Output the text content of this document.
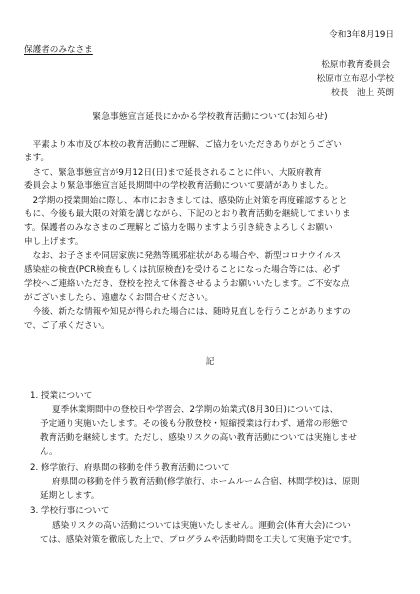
令和3年8月19日
保護者のみなさま
松原市教育委員会
松原市立布忍小学校
校長　池上 英朗
緊急事態宣言延長にかかる学校教育活動について(お知らせ)
　平素より本市及び本校の教育活動にご理解、ご協力をいただきありがとうござい
ます。
　さて、緊急事態宣言が9月12日(日)まで延長されることに伴い、大阪府教育
委員会より緊急事態宣言延長期間中の学校教育活動について要請がありました。
　2学期の授業開始に際し、本市におきましては、感染防止対策を再度確認するとと
もに、今後も最大限の対策を講じながら、下記のとおり教育活動を継続してまいりま
す。保護者のみなさまのご理解とご協力を賜りますよう引き続きよろしくお願い
申し上げます。
　なお、お子さまや同居家族に発熱等風邪症状がある場合や、新型コロナウイルス
感染症の検査(PCR検査もしくは抗原検査)を受けることになった場合等には、必ず
学校へご連絡いただき、登校を控えて休養させるようお願いいたします。ご不安な点
がございましたら、遠慮なくお問合せください。
　今後、新たな情報や知見が得られた場合には、随時見直しを行うことがありますの
で、ご了承ください。
記
1. 授業について
夏季休業期間中の登校日や学習会、2学期の始業式(8月30日)については、
予定通り実施いたします。その後も分散登校・短縮授業は行わず、通常の形態で
教育活動を継続します。ただし、感染リスクの高い教育活動については実施しませ
ん。
2. 修学旅行、府県間の移動を伴う教育活動について
府県間の移動を伴う教育活動(修学旅行、ホームルーム合宿、林間学校)は、原則
延期とします。
3. 学校行事について
感染リスクの高い活動については実施いたしません。運動会(体育大会)につい
ては、感染対策を徹底した上で、プログラムや活動時間を工夫して実施予定です。
